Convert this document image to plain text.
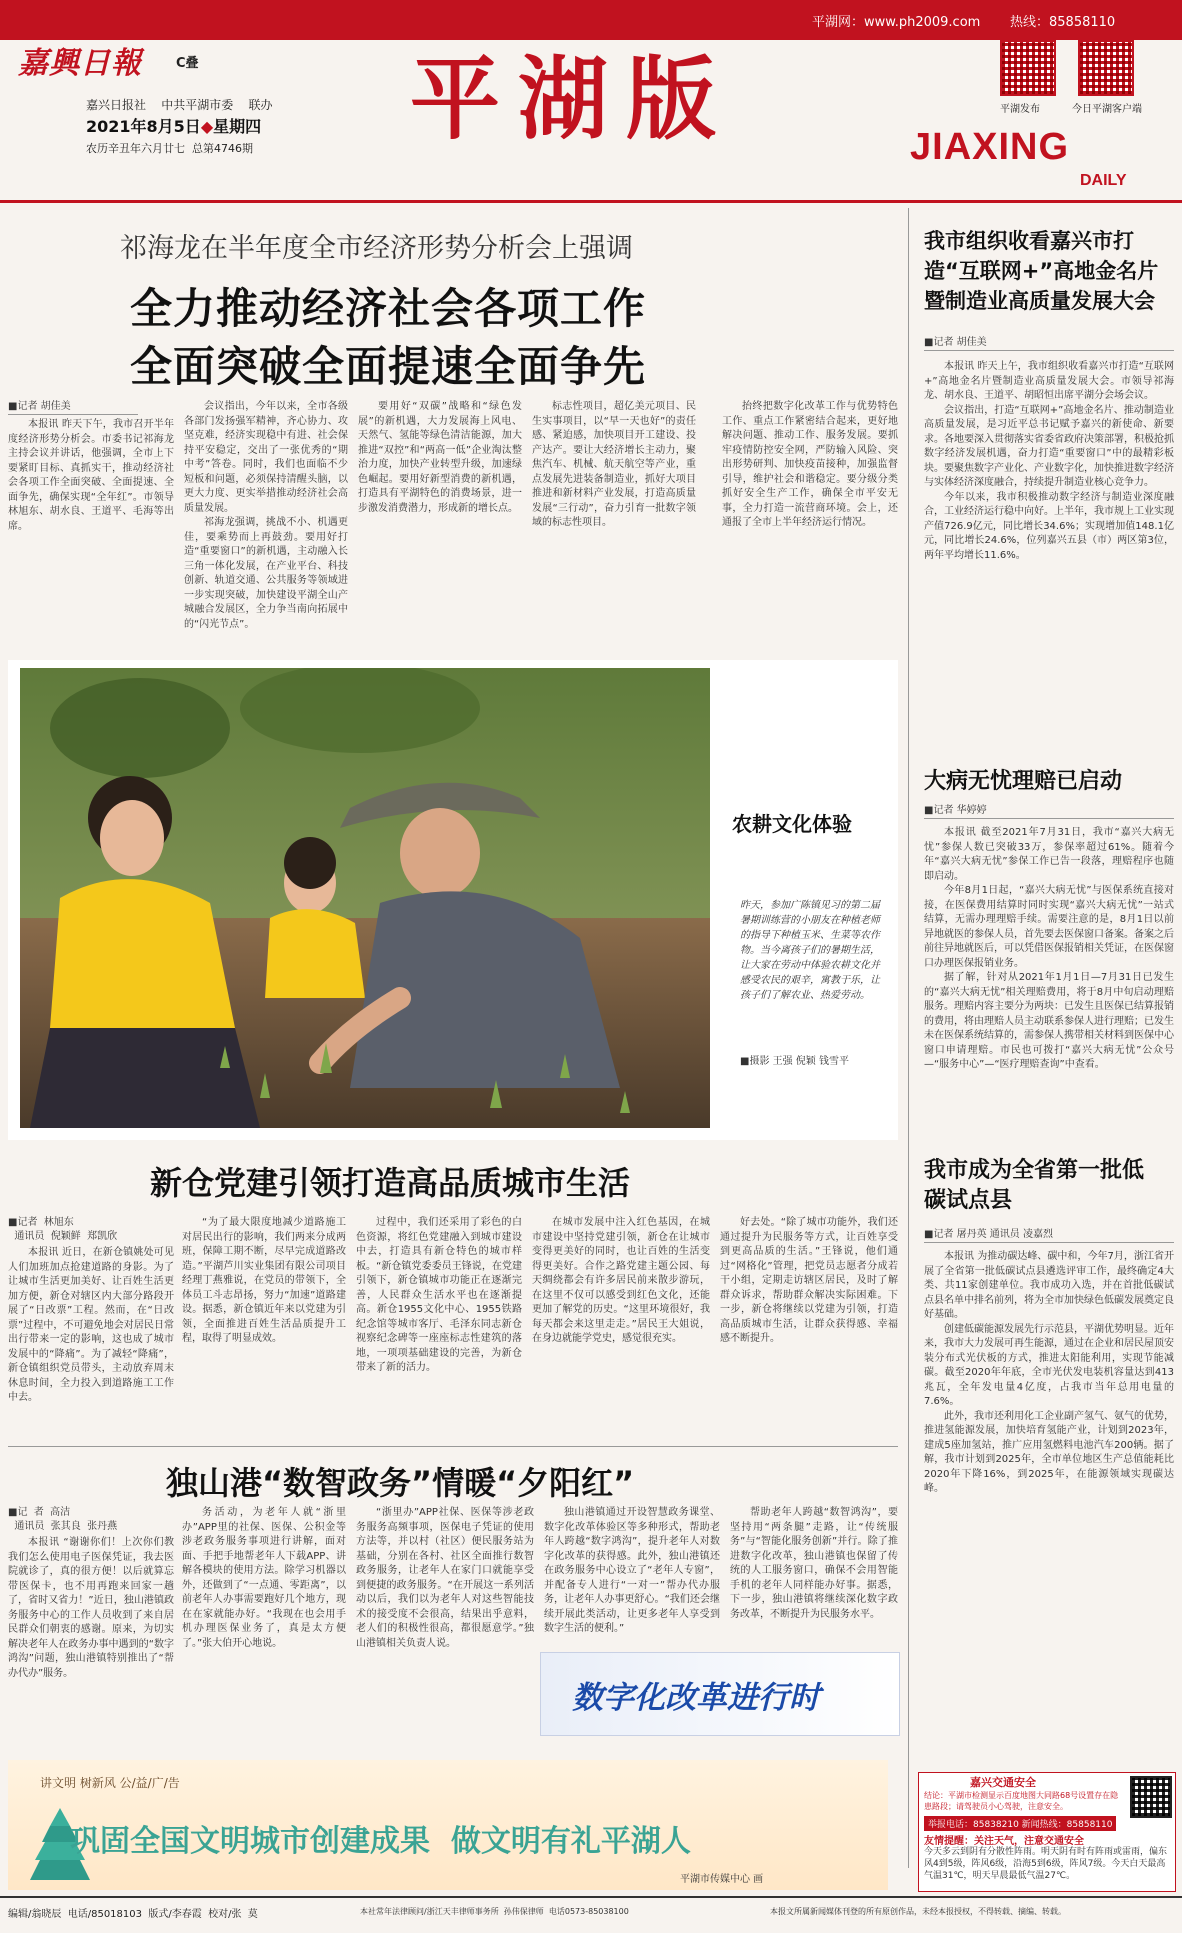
平湖网：www.ph2009.com 热线：85858110
嘉興日報	C叠
嘉兴日报社    中共平湖市委    联办
2021年8月5日◆星期四
农历辛丑年六月廿七  总第4746期 平湖版	平湖发布	今日平湖客户端
JIAXING
DAILY
祁海龙在半年度全市经济形势分析会上强调
全力推动经济社会各项工作
全面突破全面提速全面争先
■记者 胡佳美

本报讯 昨天下午，我市召开半年度经济形势分析会。市委书记祁海龙主持会议并讲话，他强调，全市上下要紧盯目标、真抓实干，推动经济社会各项工作全面突破、全面提速、全面争先，确保实现“全年红”。市领导林旭东、胡水良、王道平、毛海等出席。

会议指出，今年以来，全市各级各部门发扬强军精神，齐心协力、攻坚克难，经济实现稳中有进、社会保持平安稳定，交出了一张优秀的“期中考”答卷。同时，我们也面临不少短板和问题，必须保持清醒头脑，以更大力度、更实举措推动经济社会高质量发展。

祁海龙强调，挑战不小、机遇更佳，要乘势而上再鼓劲。要用好打造“重要窗口”的新机遇，主动融入长三角一体化发展，在产业平台、科技创新、轨道交通、公共服务等领域进一步实现突破，加快建设平湖全山产城融合发展区，全力争当南向拓展中的“闪光节点”。

要用好“双碳”战略和“绿色发展”的新机遇，大力发展海上风电、天然气、氢能等绿色清洁能源，加大推进“双控”和“两高一低”企业淘汰整治力度，加快产业转型升级，加速绿色崛起。要用好新型消费的新机遇，打造具有平湖特色的消费场景，进一步激发消费潜力，形成新的增长点。

标志性项目，超亿美元项目、民生实事项目，以“早一天也好”的责任感、紧迫感，加快项目开工建设、投产达产。要让大经济增长主动力，聚焦汽车、机械、航天航空等产业，重点发展先进装备制造业，抓好大项目推进和新材料产业发展，打造高质量发展“三行动”，奋力引育一批数字领域的标志性项目。

抬终把数字化改革工作与优势特色工作、重点工作紧密结合起来，更好地解决问题、推动工作、服务发展。要抓牢疫情防控安全网，严防输入风险、突出形势研判、加快疫苗接种，加强监督引导，维护社会和谐稳定。要分级分类抓好安全生产工作，确保全市平安无事，全力打造一流营商环境。会上，还通报了全市上半年经济运行情况。

农耕文化体验
昨天，参加广陈镇见习的第二届暑期训练营的小朋友在种植老师的指导下种植玉米、生菜等农作物。当今离孩子们的暑期生活，让大家在劳动中体验农耕文化并感受农民的艰辛，寓教于乐，让孩子们了解农业、热爱劳动。
■摄影 王强 倪颖 钱雪平
新仓党建引领打造高品质城市生活
■记者  林旭东
通讯员  倪颖鲜  郑凯欣

本报讯 近日，在新仓镇姚处可见人们加班加点抢建道路的身影。为了让城市生活更加美好、让百姓生活更加方便，新仓对辖区内大部分路段开展了“日改票”工程。然而，在“日改票”过程中，不可避免地会对居民日常出行带来一定的影响，这也成了城市发展中的“降痛”。为了减轻“降痛”，新仓镇组织党员带头，主动放弃周末休息时间，全力投入到道路施工工作中去。

“为了最大限度地减少道路施工对居民出行的影响，我们两来分成两班，保障工期不断，尽早完成道路改造。”平湖芦川实业集团有限公司项目经理丁燕雅说，在党员的带领下，全体员工斗志昂扬，努力“加速”道路建设。据悉，新仓镇近年来以党建为引领，全面推进百姓生活品质提升工程，取得了明显成效。

过程中，我们还采用了彩色的白色资源，将红色党建融入到城市建设中去，打造具有新仓特色的城市样板。“新仓镇党委委员王锋说，在党建引领下，新仓镇城市功能正在逐渐完善，人民群众生活水平也在逐渐提高。新仓1955文化中心、1955铁路纪念馆等城市客厅、毛泽东同志新仓视察纪念碑等一座座标志性建筑的落地，一项项基础建设的完善，为新仓带来了新的活力。

在城市发展中注入红色基因，在城市建设中坚持党建引领，新仓在让城市变得更美好的同时，也让百姓的生活变得更美好。合作之路党建主题公园、每天绸绕都会有许多居民前来散步游玩，在这里不仅可以感受到红色文化，还能更加了解党的历史。“这里环境很好，我每天都会来这里走走。”居民王大姐说，在身边就能学党史，感觉很充实。

好去处。“除了城市功能外，我们还通过提升为民服务等方式，让百姓享受到更高品质的生活。”王锋说，他们通过“网格化”管理，把党员志愿者分成若干小组，定期走访辖区居民，及时了解群众诉求，帮助群众解决实际困难。下一步，新仓将继续以党建为引领，打造高品质城市生活，让群众获得感、幸福感不断提升。

独山港“数智政务”情暖“夕阳红”
■记  者  高洁
通讯员  张其良  张丹燕

本报讯 “谢谢你们！上次你们教我们怎么使用电子医保凭证，我去医院就诊了，真的很方便！以后就算忘带医保卡，也不用再跑来回家一趟了，省时又省力！”近日，独山港镇政务服务中心的工作人员收到了来自居民群众们朝衷的感谢。原来，为切实解决老年人在政务办事中遇到的“数字鸿沟”问题，独山港镇特别推出了“帮办代办”服务。

务活动，为老年人就“浙里办”APP里的社保、医保、公积金等涉老政务服务事项进行讲解，面对面、手把手地帮老年人下载APP、讲解各模块的使用方法。除学习机器以外，还做到了“一点通、零距离”，以前老年人办事需要跑好几个地方，现在在家就能办好。“我现在也会用手机办理医保业务了，真是太方便了。”张大伯开心地说。

“浙里办”APP社保、医保等涉老政务服务高频事项，医保电子凭证的使用方法等，并以村（社区）便民服务站为基础，分别在各村、社区全面推行数智政务服务，让老年人在家门口就能享受到便捷的政务服务。“在开展这一系列活动以后，我们以为老年人对这些智能技术的接受度不会很高，结果出乎意料，老人们的积极性很高，都很愿意学。”独山港镇相关负责人说。

独山港镇通过开设智慧政务课堂、数字化改革体验区等多种形式，帮助老年人跨越“数字鸿沟”，提升老年人对数字化改革的获得感。此外，独山港镇还在政务服务中心设立了“老年人专窗”，并配备专人进行“一对一”帮办代办服务，让老年人办事更舒心。“我们还会继续开展此类活动，让更多老年人享受到数字生活的便利。”

帮助老年人跨越“数智鸿沟”，要坚持用“两条腿”走路，让“传统服务”与“智能化服务创新”并行。除了推进数字化改革，独山港镇也保留了传统的人工服务窗口，确保不会用智能手机的老年人同样能办好事。据悉，下一步，独山港镇将继续深化数字政务改革，不断提升为民服务水平。

数字化改革进行时
我市组织收看嘉兴市打造“互联网+”高地金名片暨制造业高质量发展大会
■记者 胡佳美

本报讯 昨天上午，我市组织收看嘉兴市打造“互联网+”高地金名片暨制造业高质量发展大会。市领导祁海龙、胡水良、王道平、胡昭恒出席平湖分会场会议。

会议指出，打造“互联网+”高地金名片、推动制造业高质量发展，是习近平总书记赋予嘉兴的新使命、新要求。各地要深入贯彻落实省委省政府决策部署，积极抢抓数字经济发展机遇，奋力打造“重要窗口”中的最精彩板块。要聚焦数字产业化、产业数字化，加快推进数字经济与实体经济深度融合，持续提升制造业核心竞争力。

今年以来，我市积极推动数字经济与制造业深度融合，工业经济运行稳中向好。上半年，我市规上工业实现产值726.9亿元，同比增长34.6%；实现增加值148.1亿元，同比增长24.6%，位列嘉兴五县（市）两区第3位，两年平均增长11.6%。

大病无忧理赔已启动
■记者 华婷婷

本报讯 截至2021年7月31日，我市“嘉兴大病无忧”参保人数已突破33万，参保率超过61%。随着今年“嘉兴大病无忧”参保工作已告一段落，理赔程序也随即启动。

今年8月1日起，“嘉兴大病无忧”与医保系统直接对接，在医保费用结算时同时实现“嘉兴大病无忧”一站式结算，无需办理理赔手续。需要注意的是，8月1日以前异地就医的参保人员，首先要去医保窗口备案。备案之后前往异地就医后，可以凭借医保报销相关凭证，在医保窗口办理医保报销业务。

据了解，针对从2021年1月1日—7月31日已发生的“嘉兴大病无忧”相关理赔费用，将于8月中旬启动理赔服务。理赔内容主要分为两块：已发生且医保已结算报销的费用，将由理赔人员主动联系参保人进行理赔；已发生未在医保系统结算的，需参保人携带相关材料到医保中心窗口申请理赔。市民也可拨打“嘉兴大病无忧”公众号—“服务中心”—“医疗理赔查询”中查看。

我市成为全省第一批低碳试点县
■记者 屠丹英 通讯员 凌嘉烈

本报讯 为推动碳达峰、碳中和，今年7月，浙江省开展了全省第一批低碳试点县遴选评审工作，最终确定4大类、共11家创建单位。我市成功入选，并在首批低碳试点县名单中排名前列，将为全市加快绿色低碳发展奠定良好基础。

创建低碳能源发展先行示范县，平湖优势明显。近年来，我市大力发展可再生能源，通过在企业和居民屋顶安装分布式光伏板的方式，推进太阳能利用，实现节能减碳。截至2020年年底，全市光伏发电装机容量达到413兆瓦，全年发电量4亿度，占我市当年总用电量的7.6%。

此外，我市还利用化工企业副产氢气、氨气的优势，推进氢能源发展，加快培育氢能产业，计划到2023年，建成5座加氢站，推广应用氢燃料电池汽车200辆。据了解，我市计划到2025年，全市单位地区生产总值能耗比2020年下降16%，到2025年，在能源领域实现碳达峰。

讲文明 树新风 公/益/广/告
巩固全国文明城市创建成果  做文明有礼平湖人
平湖市传媒中心 画
嘉兴交通安全
结论：平湖市检测显示百度地图大同路68号设置存在隐患路段；请驾驶员小心驾驶，注意安全。
举报电话：85838210 新闻热线：85858110
友情提醒：关注天气，注意交通安全
今天多云到阴有分散性阵雨。明天阴有时有阵雨或雷雨，偏东风4到5级，阵风6级，沿海5到6级，阵风7级。今天白天最高气温31℃，明天早晨最低气温27℃。
编辑/翁晓辰  电话/85018103  版式/李春霞  校对/张  莫	本社常年法律顾问/浙江天丰律师事务所  孙伟保律师  电话0573-85038100	本报文所属新闻媒体刊登的所有原创作品，未经本报授权，不得转载、摘编、转载。
